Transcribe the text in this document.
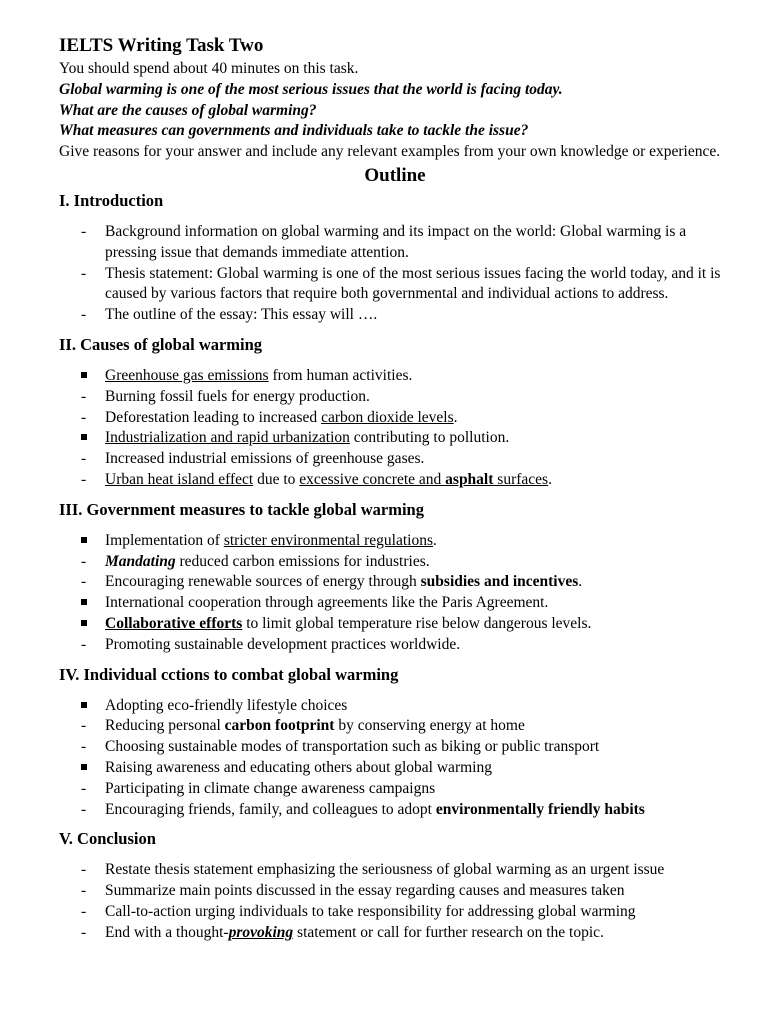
IELTS Writing Task Two

You should spend about 40 minutes on this task.

Global warming is one of the most serious issues that the world is facing today.

What are the causes of global warming?

What measures can governments and individuals take to tackle the issue?

Give reasons for your answer and include any relevant examples from your own knowledge or experience.

Outline

I. Introduction

-	Background information on global warming and its impact on the world: Global warming is a pressing issue that demands immediate attention.
-	Thesis statement: Global warming is one of the most serious issues facing the world today, and it is caused by various factors that require both governmental and individual actions to address.
-	The outline of the essay: This essay will ….

II. Causes of global warming

Greenhouse gas emissions from human activities.
-	Burning fossil fuels for energy production.
-	Deforestation leading to increased carbon dioxide levels.
Industrialization and rapid urbanization contributing to pollution.
-	Increased industrial emissions of greenhouse gases.
-	Urban heat island effect due to excessive concrete and asphalt surfaces.

III. Government measures to tackle global warming

Implementation of stricter environmental regulations.
-	Mandating reduced carbon emissions for industries.
-	Encouraging renewable sources of energy through subsidies and incentives.
International cooperation through agreements like the Paris Agreement.
Collaborative efforts to limit global temperature rise below dangerous levels.
-	Promoting sustainable development practices worldwide.

IV. Individual cctions to combat global warming

Adopting eco-friendly lifestyle choices
-	Reducing personal carbon footprint by conserving energy at home
-	Choosing sustainable modes of transportation such as biking or public transport
Raising awareness and educating others about global warming
-	Participating in climate change awareness campaigns
-	Encouraging friends, family, and colleagues to adopt environmentally friendly habits

V. Conclusion

-	Restate thesis statement emphasizing the seriousness of global warming as an urgent issue
-	Summarize main points discussed in the essay regarding causes and measures taken
-	Call-to-action urging individuals to take responsibility for addressing global warming
-	End with a thought-provoking statement or call for further research on the topic.
